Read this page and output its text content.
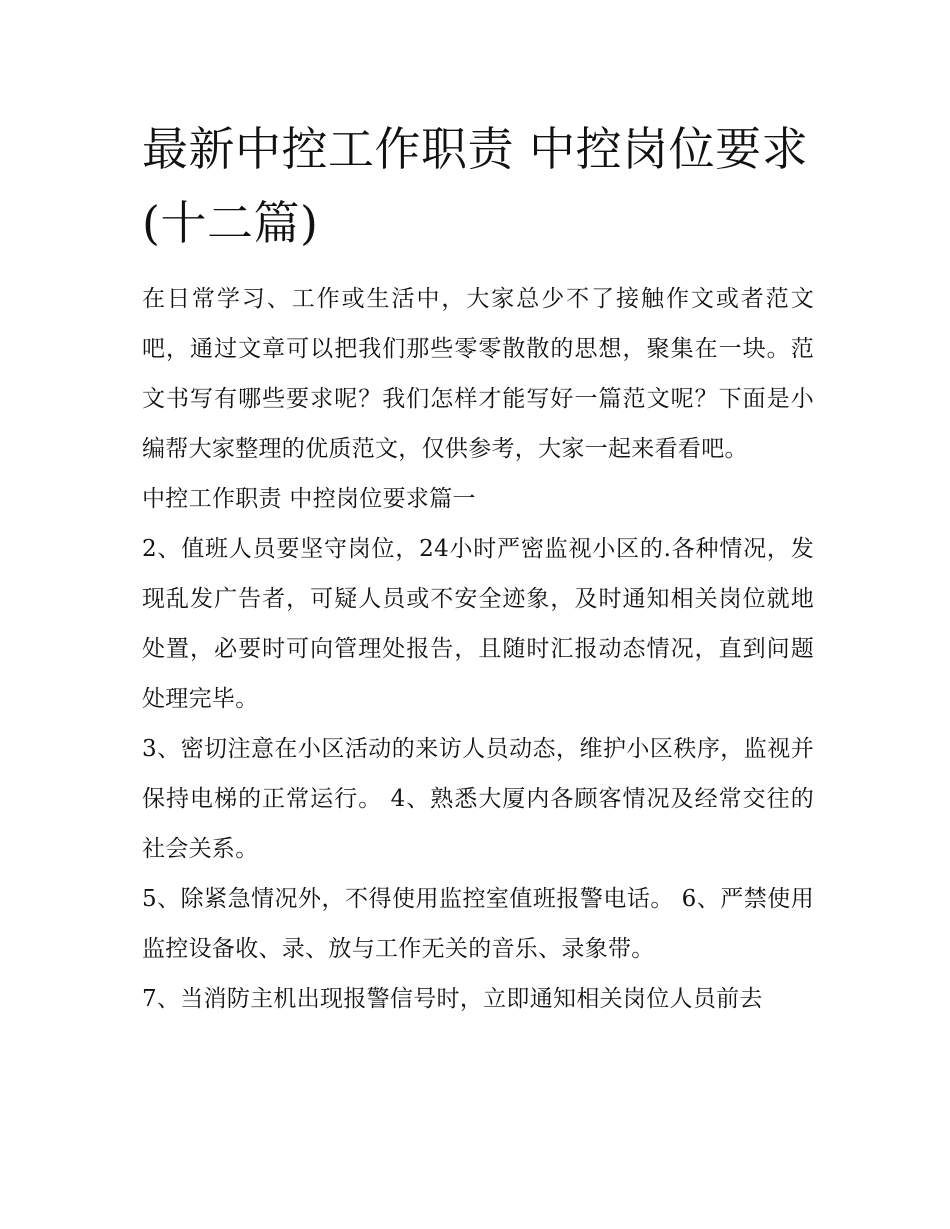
最新中控工作职责 中控岗位要求(十二篇)

在日常学习、工作或生活中，大家总少不了接触作文或者范文吧，通过文章可以把我们那些零零散散的思想，聚集在一块。范文书写有哪些要求呢？我们怎样才能写好一篇范文呢？下面是小编帮大家整理的优质范文，仅供参考，大家一起来看看吧。

中控工作职责 中控岗位要求篇一

2、值班人员要坚守岗位，24小时严密监视小区的.各种情况，发现乱发广告者，可疑人员或不安全迹象，及时通知相关岗位就地处置，必要时可向管理处报告，且随时汇报动态情况，直到问题处理完毕。

3、密切注意在小区活动的来访人员动态，维护小区秩序，监视并保持电梯的正常运行。 4、熟悉大厦内各顾客情况及经常交往的社会关系。

5、除紧急情况外，不得使用监控室值班报警电话。 6、严禁使用监控设备收、录、放与工作无关的音乐、录象带。

7、当消防主机出现报警信号时，立即通知相关岗位人员前去
